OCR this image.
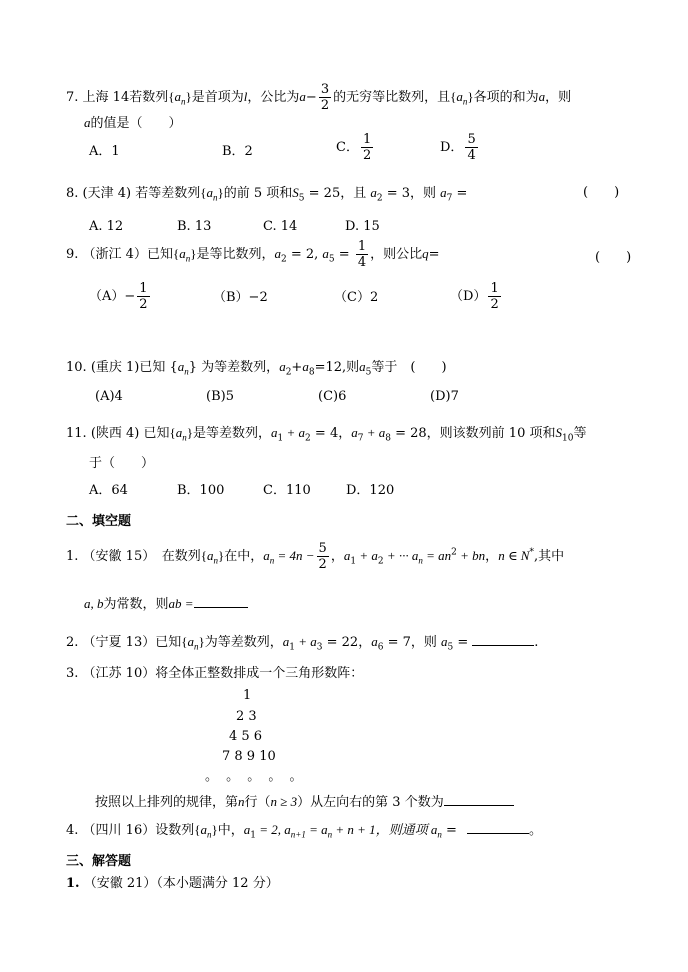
7. 上海 14若数列$\{a_n\}$是首项为l，公比为$a- \frac{3}{2}$ 的无穷等比数列，且$\{a_n\}$各项的和为a，则
a的值是（　　）
A．1	B．2	C． $\frac{1}{2}$	D． $\frac{5}{4}$
8. (天津 4) 若等差数列$\{a_n\}$的前 5 项和$S_5 = 25$，且 $a_2 = 3$，则 $a_7$ =	(　　)
A. 12	B. 13	C. 14	D. 15
9. （浙江 4）已知$\{a_n\}$是等比数列，$a_2 = 2$, $a_5 = \frac{1}{4}$ ，则公比q=	(　　)
$(A)- \frac{1}{2}$	（B）−2	（C）2	$(D) \frac{1}{2}$
10. (重庆 1)已知 $\{a_n\}$ 为等差数列，$a_2+a_8=12$,则$a_5$等于　(　　)
(A)4	(B)5	(C)6	(D)7
11. (陕西 4) 已知$\{a_n\}$是等差数列，$a_1 + a_2 = 4$，$a_7 + a_8 = 28$，则该数列前 10 项和$S_{10}$等
于（　　）
A．64	B．100	C．110	D．120
二、填空题
1. （安徽 15）　在数列$\{a_n\}$在中，$a_n = 4n - \frac{5}{2}$ ，$a_1 + a_2$ + ··· $a_n = an^2$ + bn，n ∈ N*,其中
a, b为常数，则ab =
2. （宁夏 13）已知$\{a_n\}$为等差数列，$a_1 + a_3 = 22$，$a_6 = 7$，则 $a_5$ =	.
3. （江苏 10）将全体正整数排成一个三角形数阵：
1
2 3
4 5 6
7 8 9 10
。 。 。 。 。
按照以上排列的规律，第n行（n ≥ 3）从左向右的第 3 个数为
4. （四川 16）设数列$\{a_n\}$中，$a_1 = 2$, $a_{n+1} = a_n + n + 1$，则通项 $a_n$ =	。
三、解答题
1. （安徽 21）（本小题满分 12 分）
